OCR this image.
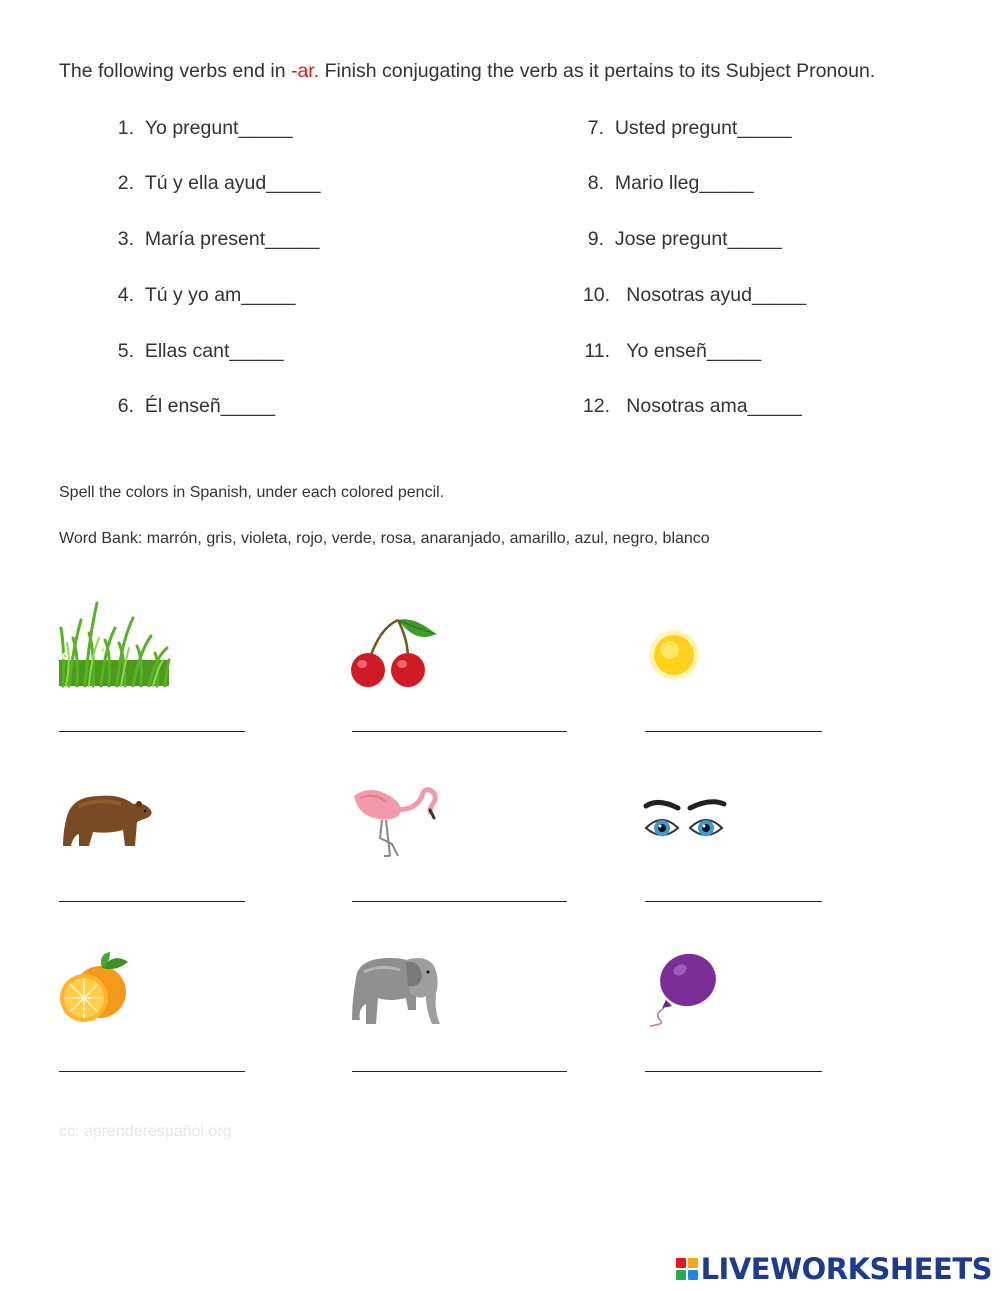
The following verbs end in -ar. Finish conjugating the verb as it pertains to its Subject Pronoun.
1. Yo pregunt_____
2. Tú y ella ayud_____
3. María present_____
4. Tú y yo am_____
5. Ellas cant_____
6. Él enseñ_____
7. Usted pregunt_____
8. Mario lleg_____
9. Jose pregunt_____
10. Nosotras ayud_____
11. Yo enseñ_____
12. Nosotras ama_____
Spell the colors in Spanish, under each colored pencil.
Word Bank: marrón, gris, violeta, rojo, verde, rosa, anaranjado, amarillo, azul, negro, blanco
cc: aprenderespañol.org
LIVEWORKSHEETS
